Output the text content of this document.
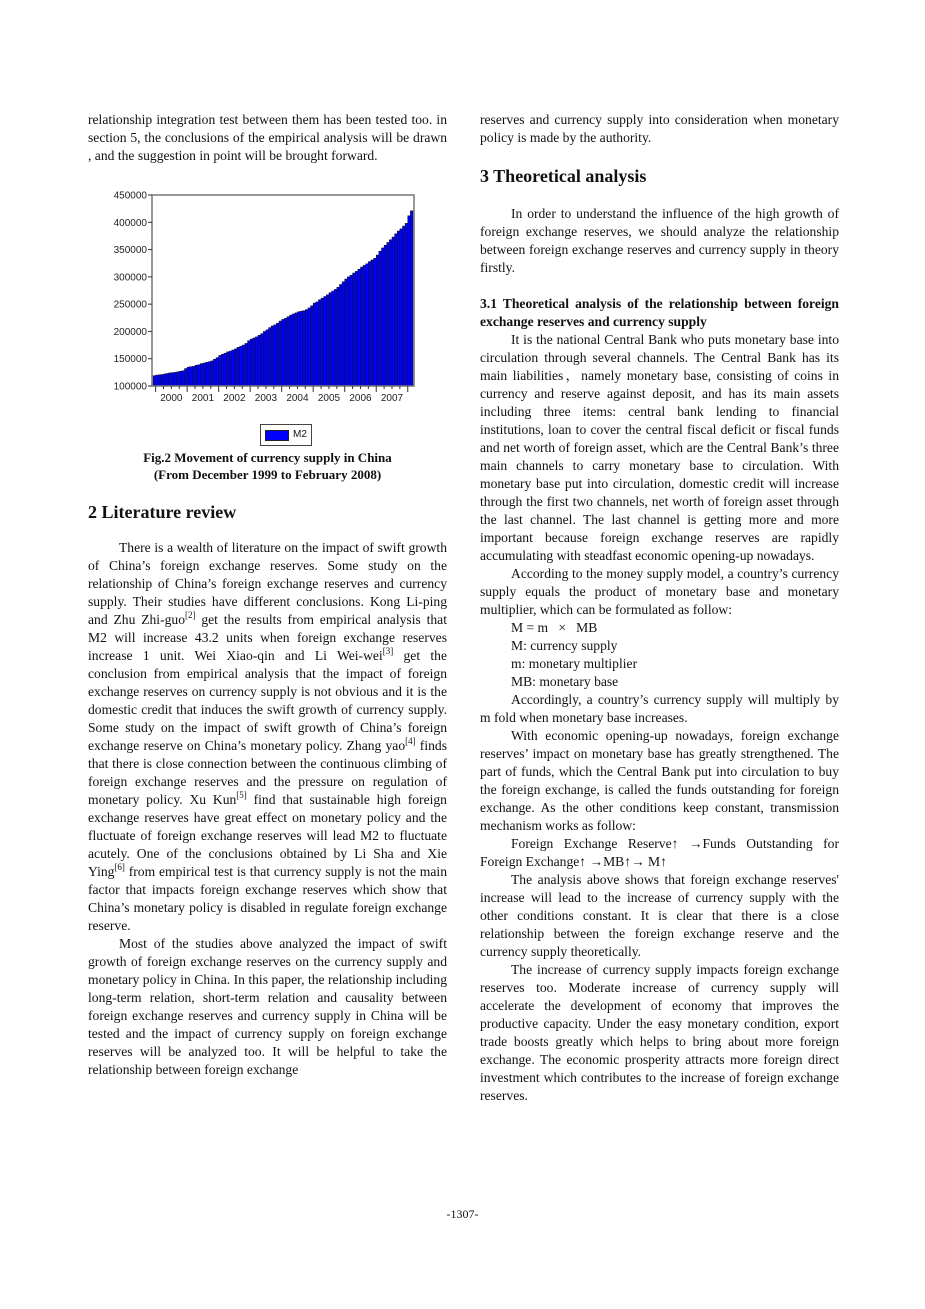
relationship integration test between them has been tested too. in section 5, the conclusions of the empirical analysis will be drawn , and the suggestion in point will be brought forward.

100000
150000
200000
250000
300000
350000
400000
450000
2000 2001 2002 2003 2004 2005 2006 2007
M2
Fig.2 Movement of currency supply in China
(From December 1999 to February 2008)
2 Literature review

There is a wealth of literature on the impact of swift growth of China’s foreign exchange reserves. Some study on the relationship of China’s foreign exchange reserves and currency supply. Their studies have different conclusions. Kong Li-ping and Zhu Zhi-guo[2] get the results from empirical analysis that M2 will increase 43.2 units when foreign exchange reserves increase 1 unit. Wei Xiao-qin and Li Wei-wei[3] get the conclusion from empirical analysis that the impact of foreign exchange reserves on currency supply is not obvious and it is the domestic credit that induces the swift growth of currency supply. Some study on the impact of swift growth of China’s foreign exchange reserve on China’s monetary policy. Zhang yao[4] finds that there is close connection between the continuous climbing of foreign exchange reserves and the pressure on regulation of monetary policy. Xu Kun[5] find that sustainable high foreign exchange reserves have great effect on monetary policy and the fluctuate of foreign exchange reserves will lead M2 to fluctuate acutely. One of the conclusions obtained by Li Sha and Xie Ying[6] from empirical test is that currency supply is not the main factor that impacts foreign exchange reserves which show that China’s monetary policy is disabled in regulate foreign exchange reserve.

Most of the studies above analyzed the impact of swift growth of foreign exchange reserves on the currency supply and monetary policy in China. In this paper, the relationship including long-term relation, short-term relation and causality between foreign exchange reserves and currency supply in China will be tested and the impact of currency supply on foreign exchange reserves will be analyzed too. It will be helpful to take the relationship between foreign exchange

reserves and currency supply into consideration when monetary policy is made by the authority.

3 Theoretical analysis

In order to understand the influence of the high growth of foreign exchange reserves, we should analyze the relationship between foreign exchange reserves and currency supply in theory firstly.

3.1 Theoretical analysis of the relationship between foreign exchange reserves and currency supply

It is the national Central Bank who puts monetary base into circulation through several channels. The Central Bank has its main liabilities，namely monetary base, consisting of coins in currency and reserve against deposit, and has its main assets including three items: central bank lending to financial institutions, loan to cover the central fiscal deficit or fiscal funds and net worth of foreign asset, which are the Central Bank’s three main channels to carry monetary base to circulation. With monetary base put into circulation, domestic credit will increase through the first two channels, net worth of foreign asset through the last channel. The last channel is getting more and more important because foreign exchange reserves are rapidly accumulating with steadfast economic opening-up nowadays.

According to the money supply model, a country’s currency supply equals the product of monetary base and monetary multiplier, which can be formulated as follow:

M = m   ×   MB

M: currency supply

m: monetary multiplier

MB: monetary base

Accordingly, a country’s currency supply will multiply by m fold when monetary base increases.

With economic opening-up nowadays, foreign exchange reserves’ impact on monetary base has greatly strengthened. The part of funds, which the Central Bank put into circulation to buy the foreign exchange, is called the funds outstanding for foreign exchange. As the other conditions keep constant, transmission mechanism works as follow:

Foreign Exchange Reserve↑ →Funds Outstanding for Foreign Exchange↑ →MB↑→ M↑

The analysis above shows that foreign exchange reserves' increase will lead to the increase of currency supply with the other conditions constant. It is clear that there is a close relationship between the foreign exchange reserve and the currency supply theoretically.

The increase of currency supply impacts foreign exchange reserves too. Moderate increase of currency supply will accelerate the development of economy that improves the productive capacity. Under the easy monetary condition, export trade boosts greatly which helps to bring about more foreign exchange. The economic prosperity attracts more foreign direct investment which contributes to the increase of foreign exchange reserves.

-1307-
